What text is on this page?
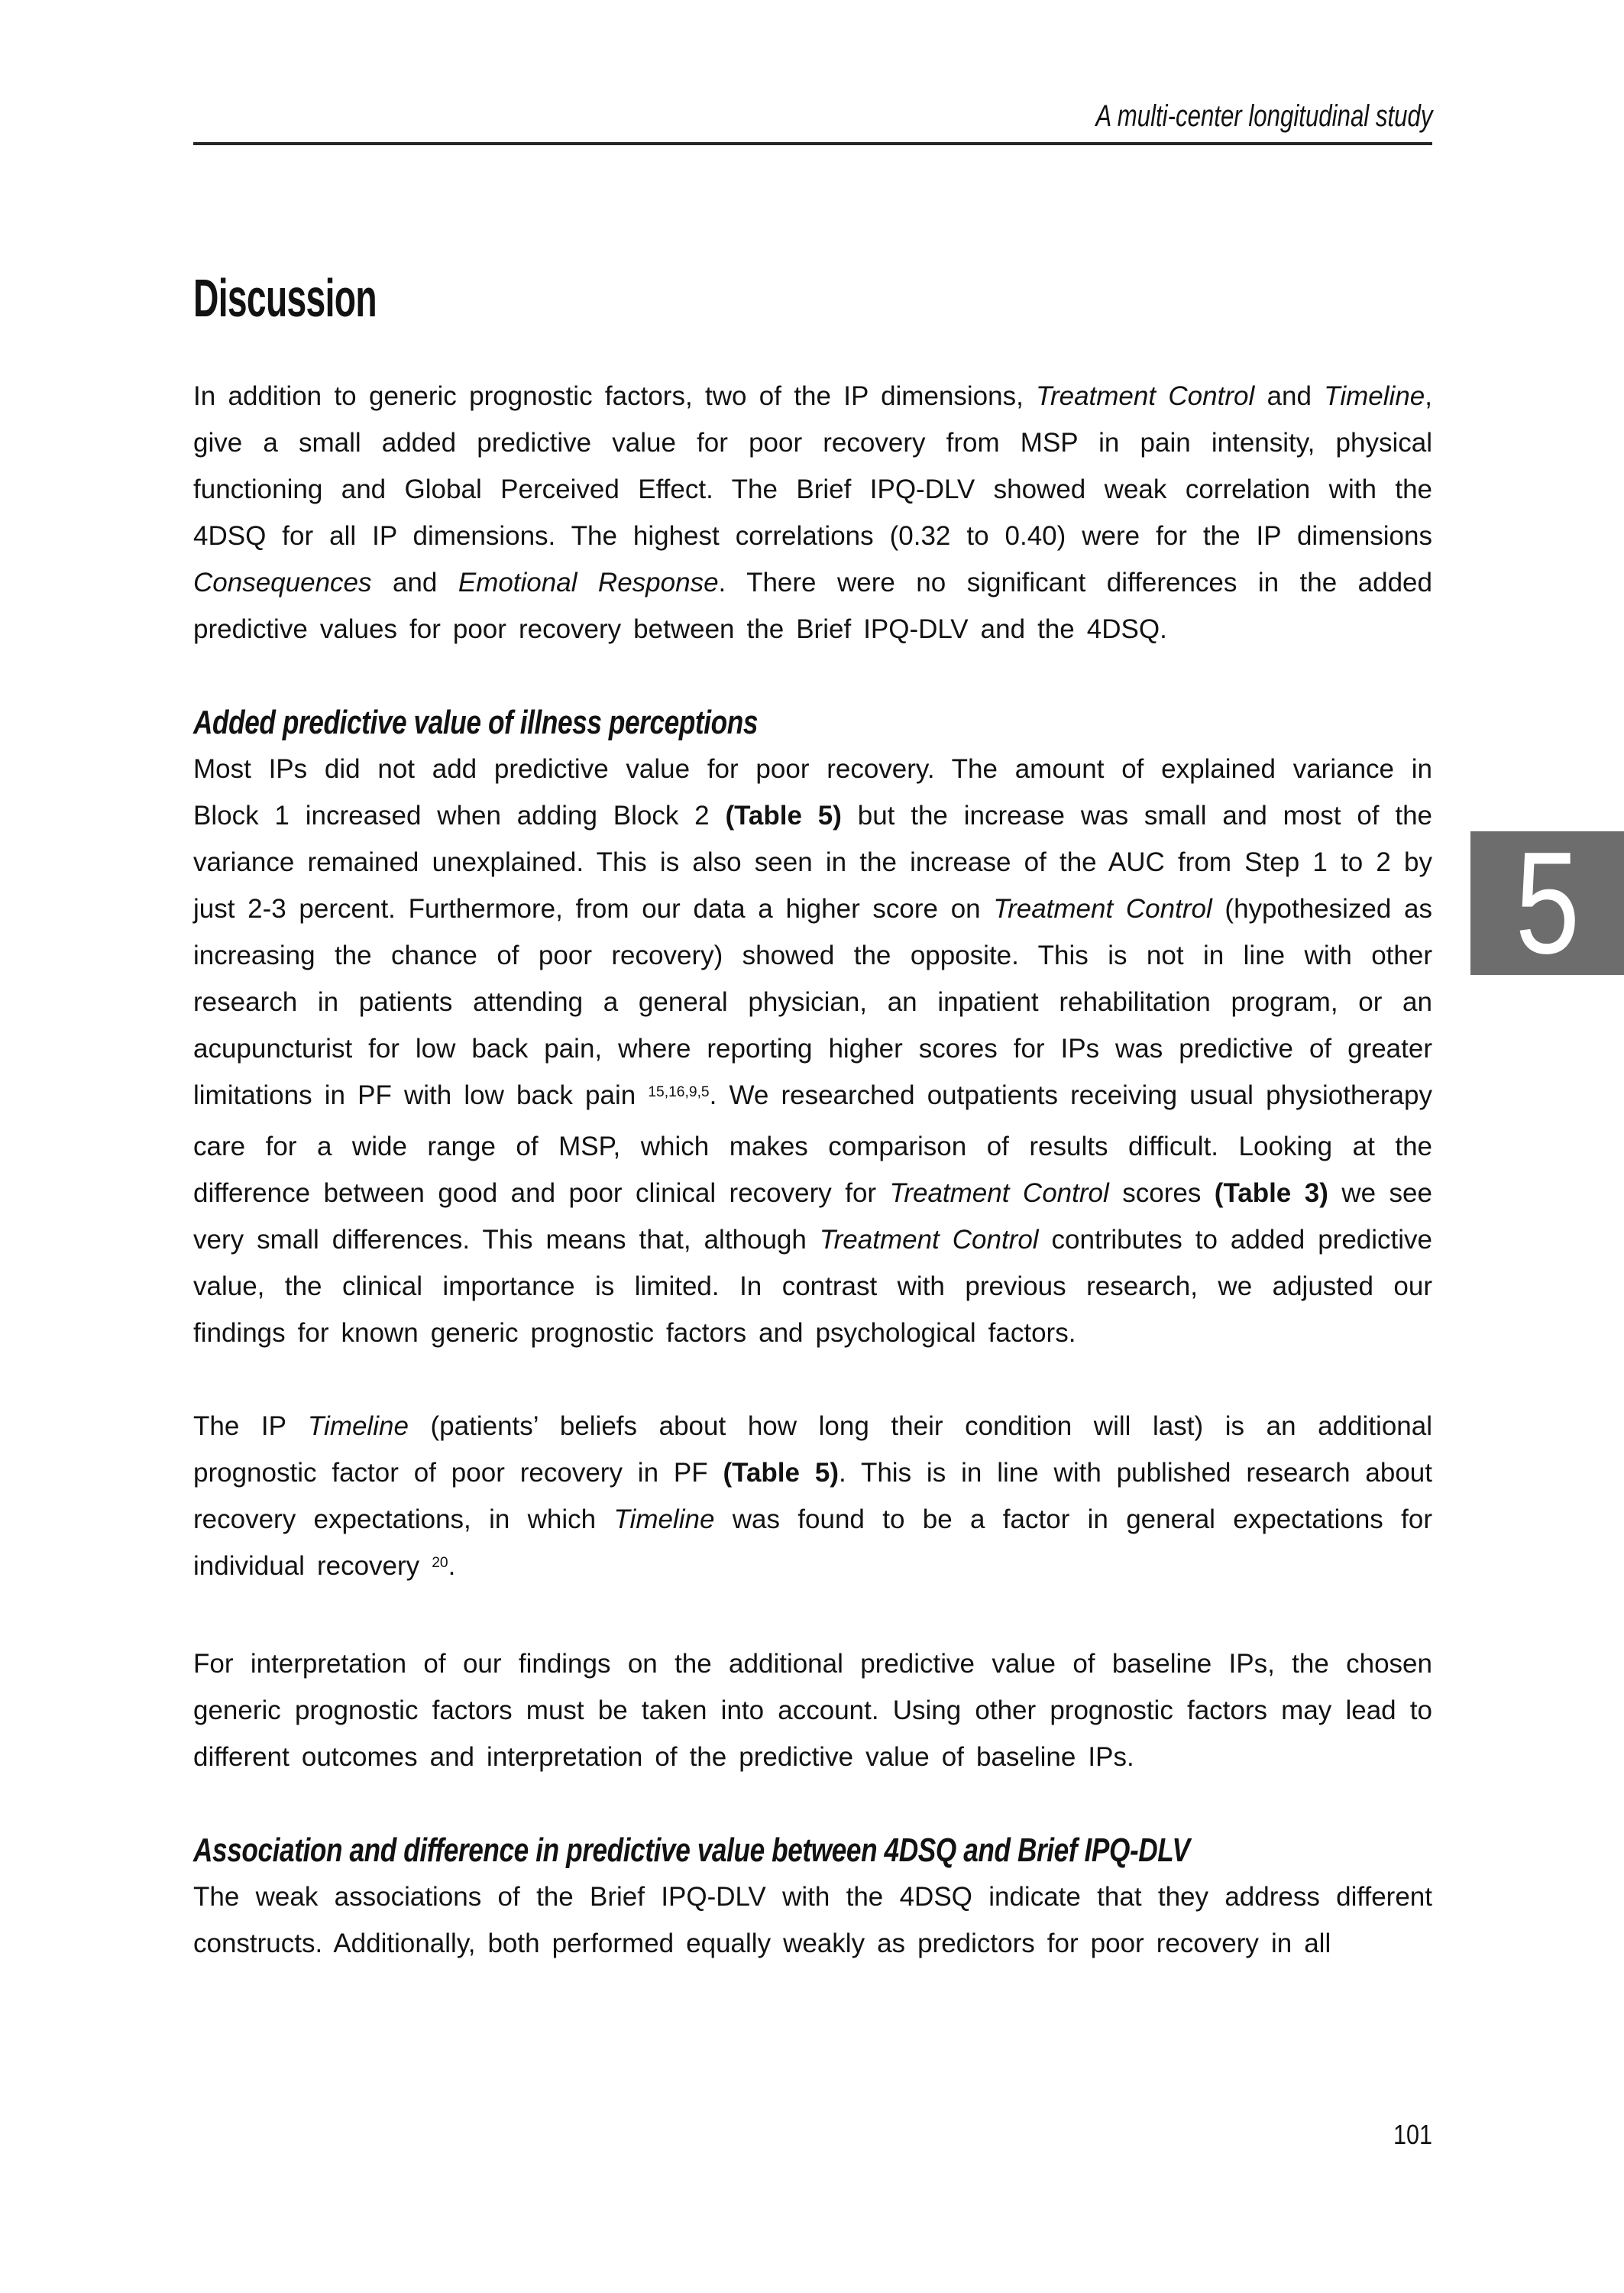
A multi-center longitudinal study
Discussion

In addition to generic prognostic factors, two of the IP dimensions, Treatment Control and Timeline, give a small added predictive value for poor recovery from MSP in pain intensity, physical functioning and Global Perceived Effect. The Brief IPQ-DLV showed weak correlation with the 4DSQ for all IP dimensions. The highest correlations (0.32 to 0.40) were for the IP dimensions Consequences and Emotional Response. There were no significant differences in the added predictive values for poor recovery between the Brief IPQ-DLV and the 4DSQ.

Added predictive value of illness perceptions

Most IPs did not add predictive value for poor recovery. The amount of explained variance in Block 1 increased when adding Block 2 (Table 5) but the increase was small and most of the variance remained unexplained. This is also seen in the increase of the AUC from Step 1 to 2 by just 2-3 percent. Furthermore, from our data a higher score on Treatment Control (hypothesized as increasing the chance of poor recovery) showed the opposite. This is not in line with other research in patients attending a general physician, an inpatient rehabilitation program, or an acupuncturist for low back pain, where reporting higher scores for IPs was predictive of greater limitations in PF with low back pain $^{15,16,9,5}$. We researched outpatients receiving usual physiotherapy care for a wide range of MSP, which makes comparison of results difficult. Looking at the difference between good and poor clinical recovery for Treatment Control scores (Table 3) we see very small differences. This means that, although Treatment Control contributes to added predictive value, the clinical importance is limited. In contrast with previous research, we adjusted our findings for known generic prognostic factors and psychological factors.

The IP Timeline (patients’ beliefs about how long their condition will last) is an additional prognostic factor of poor recovery in PF (Table 5). This is in line with published research about recovery expectations, in which Timeline was found to be a factor in general expectations for individual recovery $^{20}$.

For interpretation of our findings on the additional predictive value of baseline IPs, the chosen generic prognostic factors must be taken into account. Using other prognostic factors may lead to different outcomes and interpretation of the predictive value of baseline IPs.

Association and difference in predictive value between 4DSQ and Brief IPQ-DLV

The weak associations of the Brief IPQ-DLV with the 4DSQ indicate that they address different constructs. Additionally, both performed equally weakly as predictors for poor recovery in all

5
101
